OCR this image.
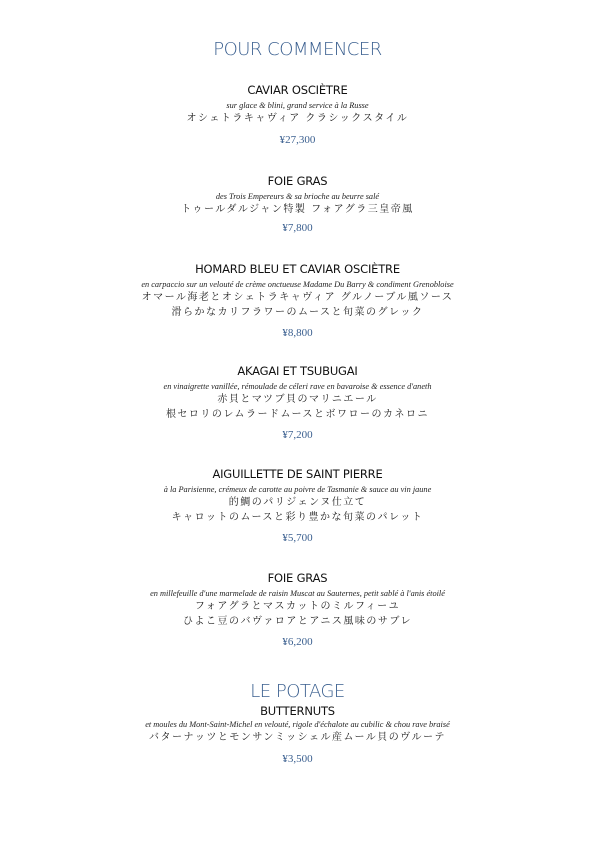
POUR COMMENCER

CAVIAR OSCIÈTRE

sur glace & blini, grand service à la Russe

オシェトラキャヴィア クラシックスタイル

¥27,300

FOIE GRAS

des Trois Empereurs & sa brioche au beurre salé

トゥールダルジャン特製 フォアグラ三皇帝風

¥7,800

HOMARD BLEU ET CAVIAR OSCIÈTRE

en carpaccio sur un velouté de crème onctueuse Madame Du Barry & condiment Grenobloise

オマール海老とオシェトラキャヴィア グルノーブル風ソース

滑らかなカリフラワーのムースと旬菜のグレック

¥8,800

AKAGAI ET TSUBUGAI

en vinaigrette vanillée, rémoulade de céleri rave en bavaroise & essence d'aneth

赤貝とマツブ貝のマリニエール

根セロリのレムラードムースとボワローのカネロニ

¥7,200

AIGUILLETTE DE SAINT PIERRE

à la Parisienne, crémeux de carotte au poivre de Tasmanie & sauce au vin jaune

的鯛のパリジェンヌ仕立て

キャロットのムースと彩り豊かな旬菜のパレット

¥5,700

FOIE GRAS

en millefeuille d'une marmelade de raisin Muscat au Sauternes, petit sablé à l'anis étoilé

フォアグラとマスカットのミルフィーユ

ひよこ豆のバヴァロアとアニス風味のサブレ

¥6,200

LE POTAGE

BUTTERNUTS

et moules du Mont-Saint-Michel en velouté, rigole d'échalote au cubilic & chou rave braisé

バターナッツとモンサンミッシェル産ムール貝のヴルーテ

¥3,500
